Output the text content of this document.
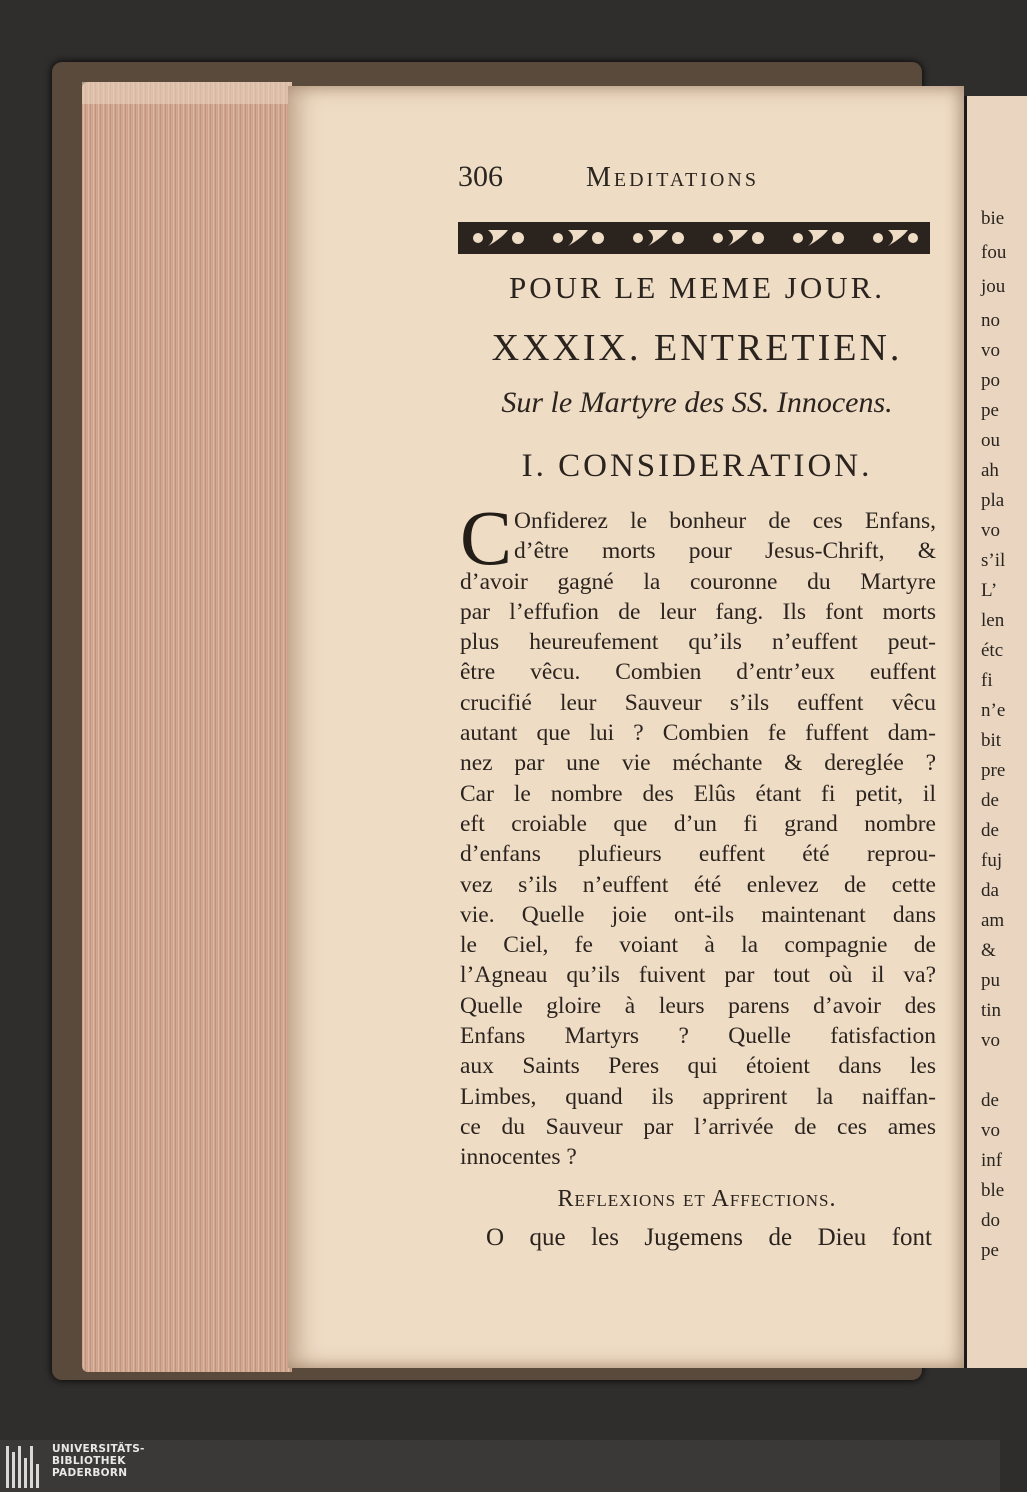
bie
fou
jou
no
vo
po
pe
ou
ah
pla
vo
s’il
L’
len
étc
fi
n’e
bit
pre
de
de
fuj
da
am
&
pu
tin
vo
de
vo
inf
ble
do
pe
306	Meditations
POUR LE MEME JOUR.
XXXIX. ENTRETIEN.
Sur le Martyre des SS. Innocens.
I. CONSIDERATION.
C Onfiderez le bonheur de ces Enfans,
d’être morts pour Jesus-Chrift, &
d’avoir gagné la couronne du Martyre
par l’effufion de leur fang. Ils font morts
plus heureufement qu’ils n’euffent peut-
être vêcu. Combien d’entr’eux euffent
crucifié leur Sauveur s’ils euffent vêcu
autant que lui ? Combien fe fuffent dam-
nez par une vie méchante & dereglée ?
Car le nombre des Elûs étant fi petit, il
eft croiable que d’un fi grand nombre
d’enfans plufieurs euffent été reprou-
vez s’ils n’euffent été enlevez de cette
vie. Quelle joie ont-ils maintenant dans
le Ciel, fe voiant à la compagnie de
l’Agneau qu’ils fuivent par tout où il va?
Quelle gloire à leurs parens d’avoir des
Enfans Martyrs ? Quelle fatisfaction
aux Saints Peres qui étoient dans les
Limbes, quand ils apprirent la naiffan-
ce du Sauveur par l’arrivée de ces ames
innocentes ?
Reflexions et Affections.
O que les Jugemens de Dieu font
UNIVERSITÄTS-
BIBLIOTHEK
PADERBORN
